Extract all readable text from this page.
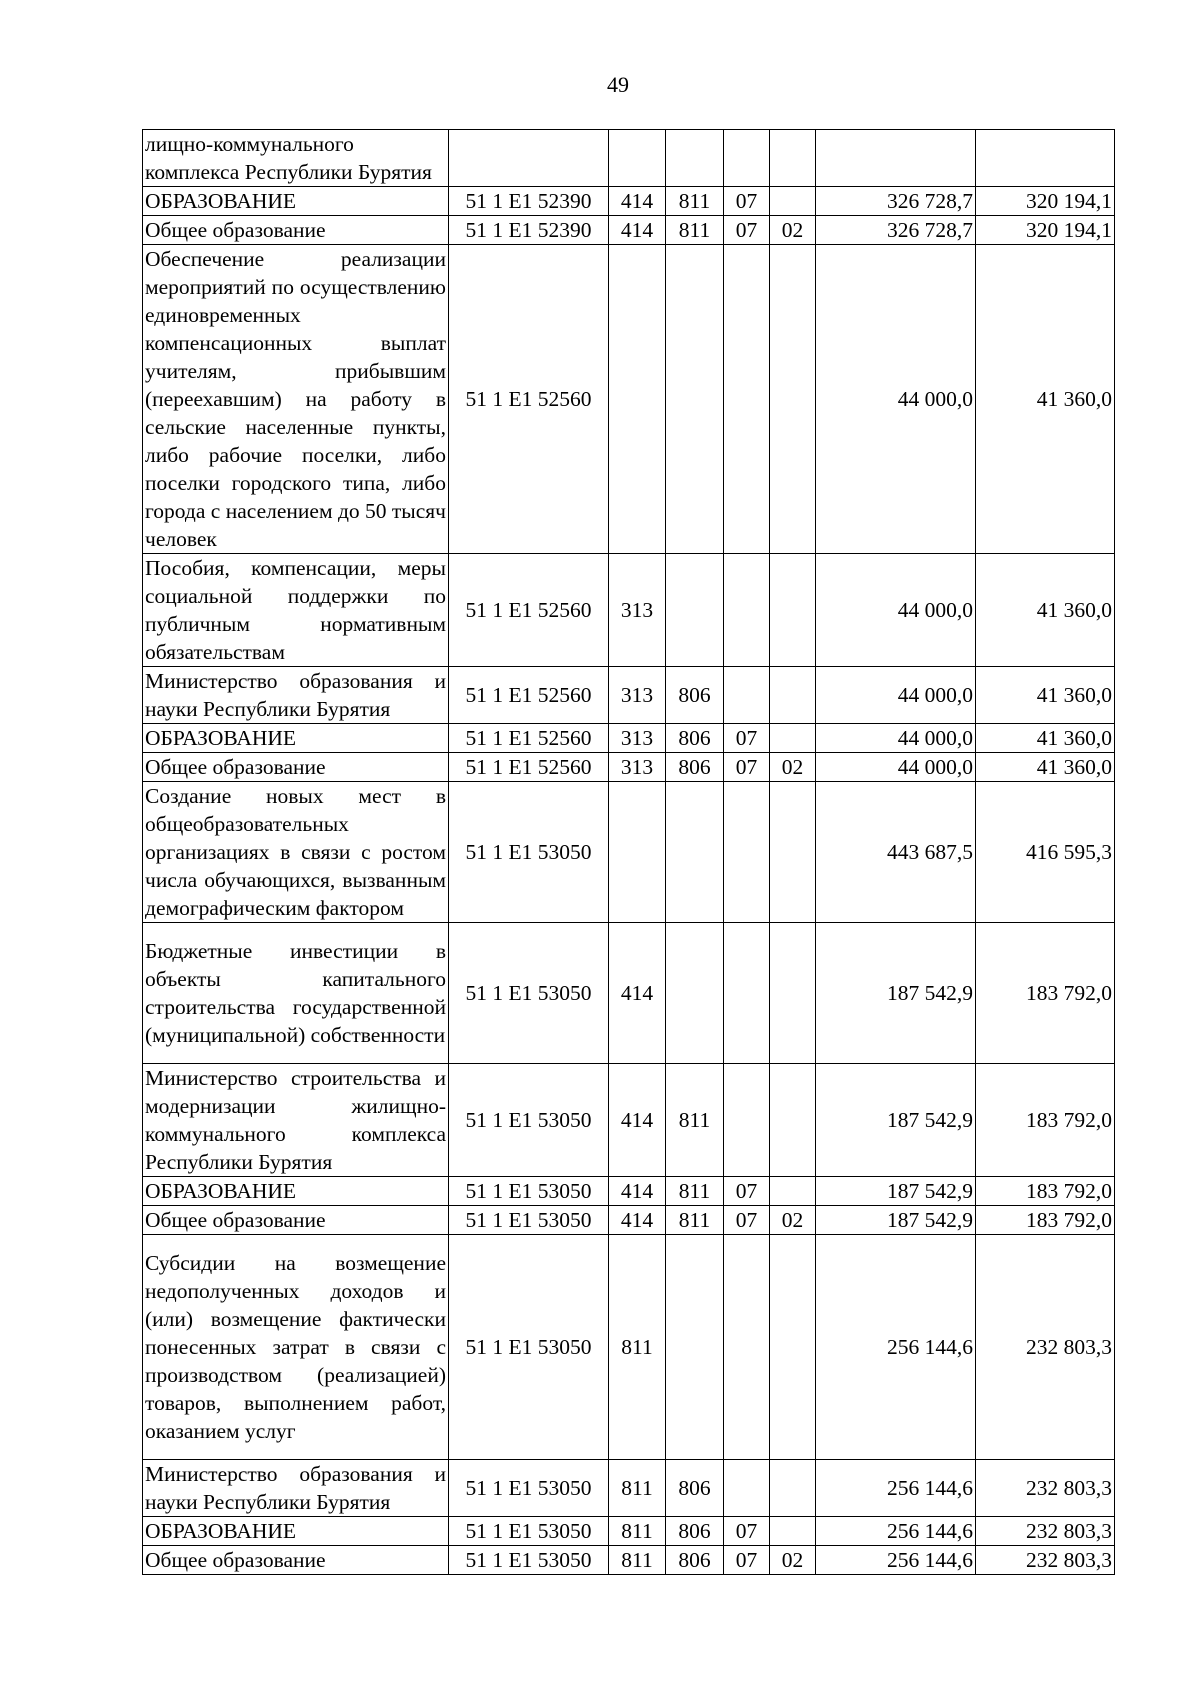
49
лищно-коммунального комплекса Республики Бурятия							
ОБРАЗОВАНИЕ	51 1 E1 52390	414	811	07		326 728,7	320 194,1
Общее образование	51 1 E1 52390	414	811	07	02	326 728,7	320 194,1
Обеспечение реализации мероприятий по осуществлению единовременных компенсационных выплат учителям, прибывшим (переехавшим) на работу в сельские населенные пункты, либо рабочие поселки, либо поселки городского типа, либо города с населением до 50 тысяч человек	51 1 E1 52560					44 000,0	41 360,0
Пособия, компенсации, меры социальной поддержки по публичным нормативным обязательствам	51 1 E1 52560	313				44 000,0	41 360,0
Министерство образования и науки Республики Бурятия	51 1 E1 52560	313	806			44 000,0	41 360,0
ОБРАЗОВАНИЕ	51 1 E1 52560	313	806	07		44 000,0	41 360,0
Общее образование	51 1 E1 52560	313	806	07	02	44 000,0	41 360,0
Создание новых мест в общеобразовательных организациях в связи с ростом числа обучающихся, вызванным демографическим фактором	51 1 E1 53050					443 687,5	416 595,3
Бюджетные инвестиции в объекты капитального строительства государственной (муниципальной) собственности	51 1 E1 53050	414				187 542,9	183 792,0
Министерство строительства и модернизации жилищно-коммунального комплекса Республики Бурятия	51 1 E1 53050	414	811			187 542,9	183 792,0
ОБРАЗОВАНИЕ	51 1 E1 53050	414	811	07		187 542,9	183 792,0
Общее образование	51 1 E1 53050	414	811	07	02	187 542,9	183 792,0
Субсидии на возмещение недополученных доходов и (или) возмещение фактически понесенных затрат в связи с производством (реализацией) товаров, выполнением работ, оказанием услуг	51 1 E1 53050	811				256 144,6	232 803,3
Министерство образования и науки Республики Бурятия	51 1 E1 53050	811	806			256 144,6	232 803,3
ОБРАЗОВАНИЕ	51 1 E1 53050	811	806	07		256 144,6	232 803,3
Общее образование	51 1 E1 53050	811	806	07	02	256 144,6	232 803,3
